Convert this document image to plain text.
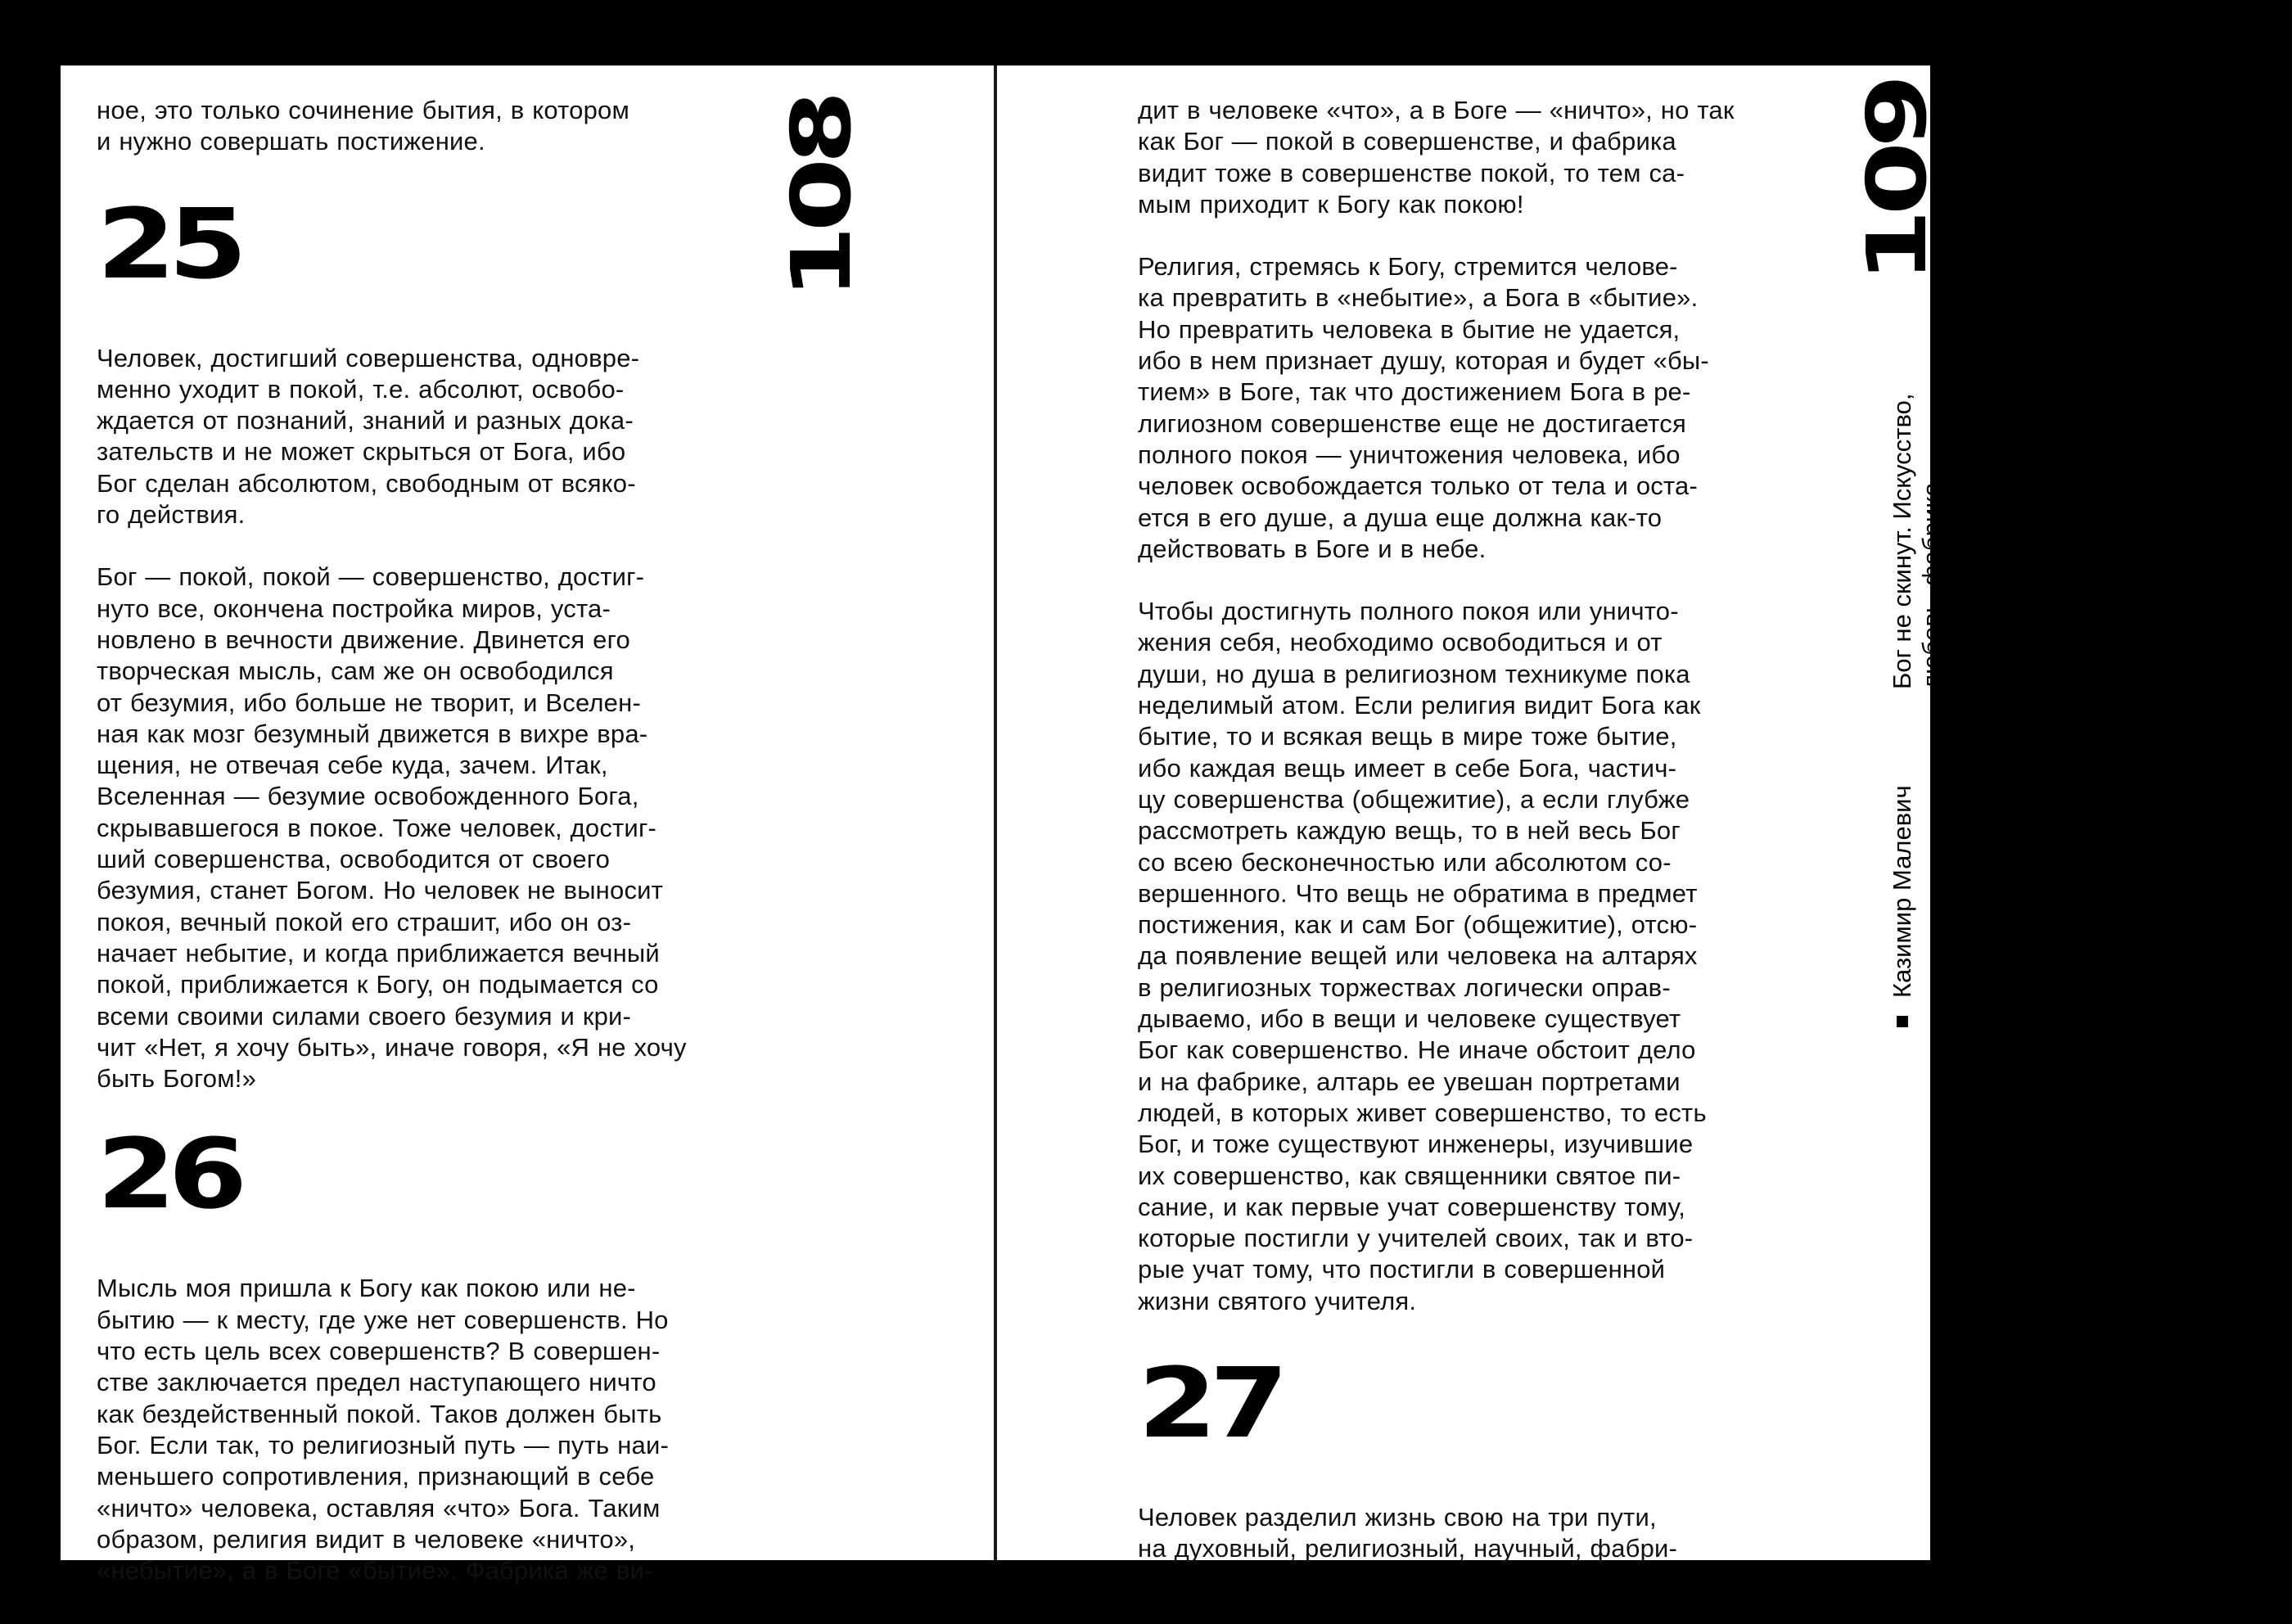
ное, это только сочинение бытия, в котором
и нужно совершать постижение.

25

Человек, достигший совершенства, одновре-
менно уходит в покой, т.е. абсолют, освобо-
ждается от познаний, знаний и разных дока-
зательств и не может скрыться от Бога, ибо
Бог сделан абсолютом, свободным от всяко-
го действия.

Бог — покой, покой — совершенство, достиг-
нуто все, окончена постройка миров, уста-
новлено в вечности движение. Двинется его
творческая мысль, сам же он освободился
от безумия, ибо больше не творит, и Вселен-
ная как мозг безумный движется в вихре вра-
щения, не отвечая себе куда, зачем. Итак,
Вселенная — безумие освобожденного Бога,
скрывавшегося в покое. Тоже человек, достиг-
ший совершенства, освободится от своего
безумия, станет Богом. Но человек не выносит
покоя, вечный покой его страшит, ибо он оз-
начает небытие, и когда приближается вечный
покой, приближается к Богу, он подымается со
всеми своими силами своего безумия и кри-
чит «Нет, я хочу быть», иначе говоря, «Я не хочу
быть Богом!»

26

Мысль моя пришла к Богу как покою или не-
бытию — к месту, где уже нет совершенств. Но
что есть цель всех совершенств? В совершен-
стве заключается предел наступающего ничто
как бездейственный покой. Таков должен быть
Бог. Если так, то религиозный путь — путь наи-
меньшего сопротивления, признающий в себе
«ничто» человека, оставляя «что» Бога. Таким
образом, религия видит в человеке «ничто»,
«небытие», а в Боге «бытие». Фабрика же ви-

108	дит в человеке «что», а в Боге — «ничто», но так
как Бог — покой в совершенстве, и фабрика
видит тоже в совершенстве покой, то тем са-
мым приходит к Богу как покою!

Религия, стремясь к Богу, стремится челове-
ка превратить в «небытие», а Бога в «бытие».
Но превратить человека в бытие не удается,
ибо в нем признает душу, которая и будет «бы-
тием» в Боге, так что достижением Бога в ре-
лигиозном совершенстве еще не достигается
полного покоя — уничтожения человека, ибо
человек освобождается только от тела и оста-
ется в его душе, а душа еще должна как-то
действовать в Боге и в небе.

Чтобы достигнуть полного покоя или уничто-
жения себя, необходимо освободиться и от
души, но душа в религиозном техникуме пока
неделимый атом. Если религия видит Бога как
бытие, то и всякая вещь в мире тоже бытие,
ибо каждая вещь имеет в себе Бога, частич-
цу совершенства (общежитие), а если глубже
рассмотреть каждую вещь, то в ней весь Бог
со всею бесконечностью или абсолютом со-
вершенного. Что вещь не обратима в предмет
постижения, как и сам Бог (общежитие), отсю-
да появление вещей или человека на алтарях
в религиозных торжествах логически оправ-
дываемо, ибо в вещи и человеке существует
Бог как совершенство. Не иначе обстоит дело
и на фабрике, алтарь ее увешан портретами
людей, в которых живет совершенство, то есть
Бог, и тоже существуют инженеры, изучившие
их совершенство, как священники святое пи-
сание, и как первые учат совершенству тому,
которые постигли у учителей своих, так и вто-
рые учат тому, что постигли в совершенной
жизни святого учителя.

27

Человек разделил жизнь свою на три пути,
на духовный, религиозный, научный, фабри-

109
Казимир Малевич
Бог не скинут. Искусство, любовь, фабрика
